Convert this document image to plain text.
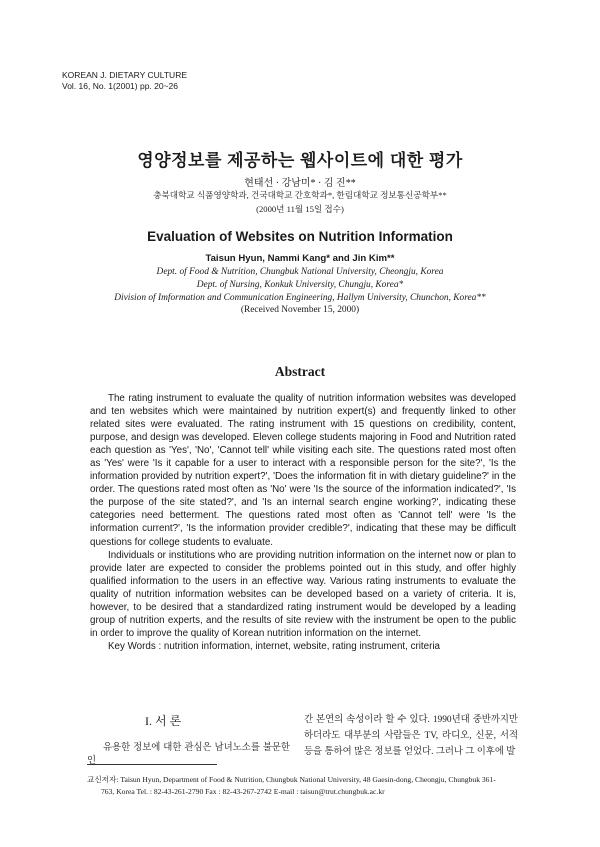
KOREAN J. DIETARY CULTURE
Vol. 16, No. 1(2001) pp. 20~26
영양정보를 제공하는 웹사이트에 대한 평가
현태선 · 강남미* · 김 진**
충북대학교 식품영양학과, 건국대학교 간호학과*, 한림대학교 정보통신공학부**
(2000년 11월 15일 접수)
Evaluation of Websites on Nutrition Information
Taisun Hyun, Nammi Kang* and Jin Kim**
Dept. of Food & Nutrition, Chungbuk National University, Cheongju, Korea
Dept. of Nursing, Konkuk University, Chungju, Korea*
Division of Imformation and Communication Engineering, Hallym University, Chunchon, Korea**
(Received November 15, 2000)
Abstract

The rating instrument to evaluate the quality of nutrition information websites was developed and ten websites which were maintained by nutrition expert(s) and frequently linked to other related sites were evaluated. The rating instrument with 15 questions on credibility, content, purpose, and design was developed. Eleven college students majoring in Food and Nutrition rated each question as 'Yes', 'No', 'Cannot tell' while visiting each site. The questions rated most often as 'Yes' were 'Is it capable for a user to interact with a responsible person for the site?', 'Is the information provided by nutrition expert?', 'Does the information fit in with dietary guideline?' in the order. The questions rated most often as 'No' were 'Is the source of the information indicated?', 'Is the purpose of the site stated?', and 'Is an internal search engine working?', indicating these categories need betterment. The questions rated most often as 'Cannot tell' were 'Is the information current?', 'Is the information provider credible?', indicating that these may be difficult questions for college students to evaluate.

Individuals or institutions who are providing nutrition information on the internet now or plan to provide later are expected to consider the problems pointed out in this study, and offer highly qualified information to the users in an effective way. Various rating instruments to evaluate the quality of nutrition information websites can be developed based on a variety of criteria. It is, however, to be desired that a standardized rating instrument would be developed by a leading group of nutrition experts, and the results of site review with the instrument be open to the public in order to improve the quality of Korean nutrition information on the internet.

Key Words : nutrition information, internet, website, rating instrument, criteria

I. 서 론
유용한 정보에 대한 관심은 남녀노소를 불문한 인
간 본연의 속성이라 할 수 있다. 1990년대 중반까지만 하더라도 대부분의 사람들은 TV, 라디오, 신문, 서적 등을 통하여 많은 정보를 얻었다. 그러나 그 이후에 발
교신저자: Taisun Hyun, Department of Food & Nutrition, Chungbuk National University, 48 Gaesin-dong, Cheongju, Chungbuk 361-
763, Korea Tel. : 82-43-261-2790 Fax : 82-43-267-2742 E-mail : taisun@trut.chungbuk.ac.kr
